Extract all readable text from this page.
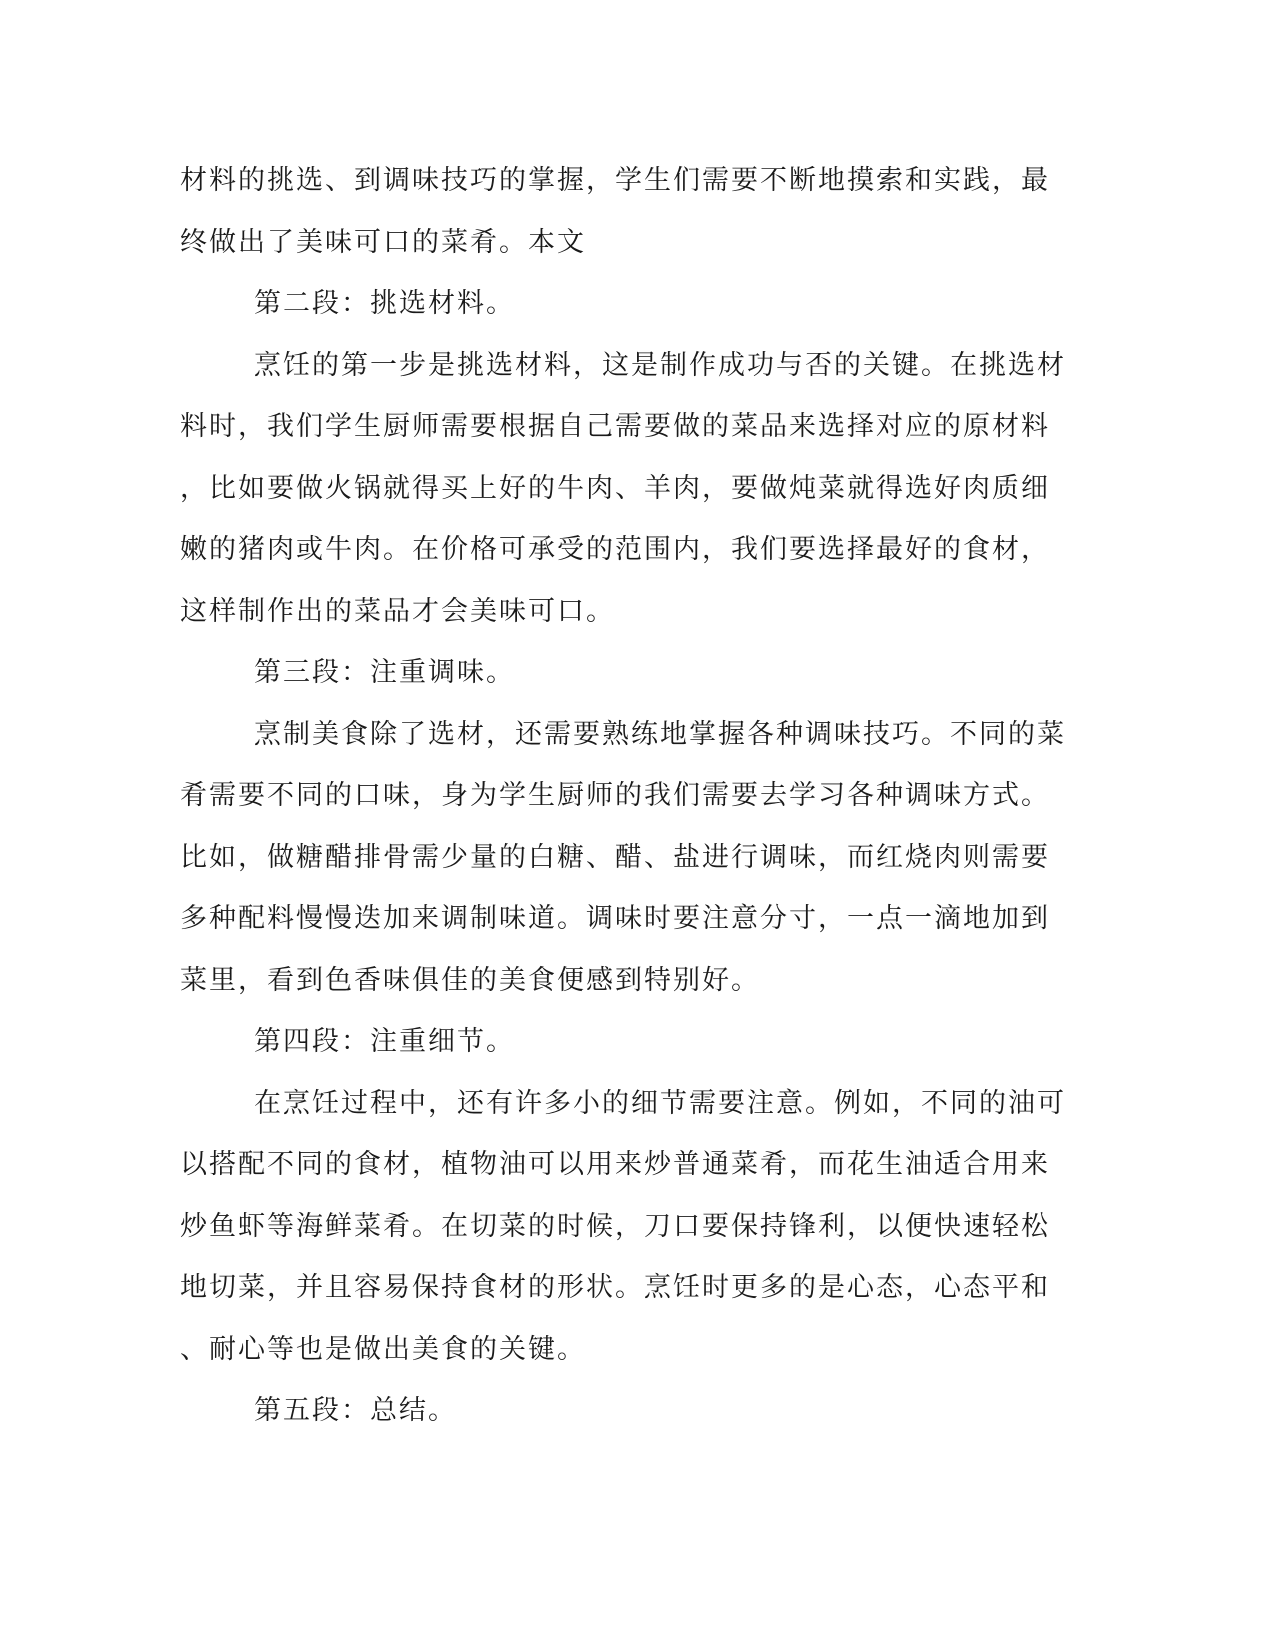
材料的挑选、到调味技巧的掌握，学生们需要不断地摸索和实践，最
终做出了美味可口的菜肴。本文
第二段：挑选材料。
烹饪的第一步是挑选材料，这是制作成功与否的关键。在挑选材
料时，我们学生厨师需要根据自己需要做的菜品来选择对应的原材料
，比如要做火锅就得买上好的牛肉、羊肉，要做炖菜就得选好肉质细
嫩的猪肉或牛肉。在价格可承受的范围内，我们要选择最好的食材，
这样制作出的菜品才会美味可口。
第三段：注重调味。
烹制美食除了选材，还需要熟练地掌握各种调味技巧。不同的菜
肴需要不同的口味，身为学生厨师的我们需要去学习各种调味方式。
比如，做糖醋排骨需少量的白糖、醋、盐进行调味，而红烧肉则需要
多种配料慢慢迭加来调制味道。调味时要注意分寸，一点一滴地加到
菜里，看到色香味俱佳的美食便感到特别好。
第四段：注重细节。
在烹饪过程中，还有许多小的细节需要注意。例如，不同的油可
以搭配不同的食材，植物油可以用来炒普通菜肴，而花生油适合用来
炒鱼虾等海鲜菜肴。在切菜的时候，刀口要保持锋利，以便快速轻松
地切菜，并且容易保持食材的形状。烹饪时更多的是心态，心态平和
、耐心等也是做出美食的关键。
第五段：总结。
